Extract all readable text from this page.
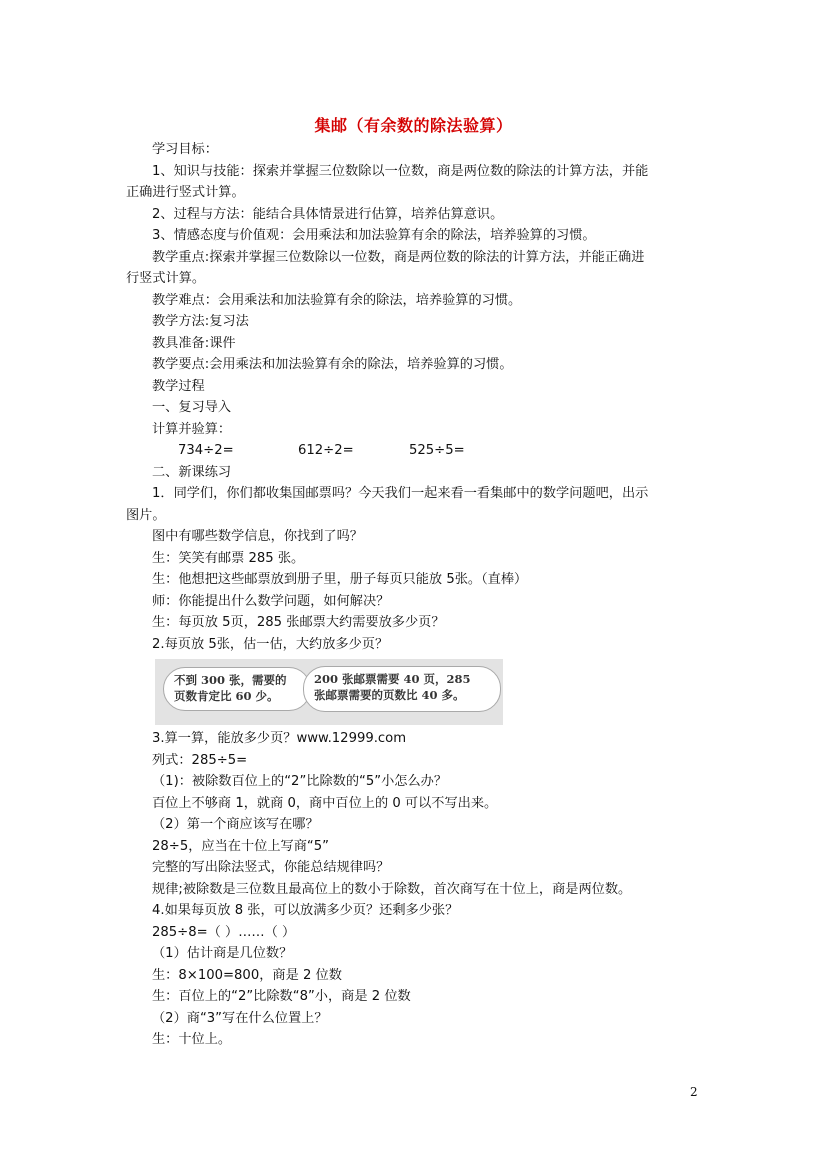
集邮（有余数的除法验算）

学习目标：

1、知识与技能：探索并掌握三位数除以一位数，商是两位数的除法的计算方法，并能

正确进行竖式计算。

2、过程与方法：能结合具体情景进行估算，培养估算意识。

3、情感态度与价值观：会用乘法和加法验算有余的除法，培养验算的习惯。

教学重点:探索并掌握三位数除以一位数，商是两位数的除法的计算方法，并能正确进

行竖式计算。

教学难点：会用乘法和加法验算有余的除法，培养验算的习惯。

教学方法:复习法

教具准备:课件

教学要点:会用乘法和加法验算有余的除法，培养验算的习惯。

教学过程

一、复习导入

计算并验算：

734÷2=	612÷2=	525÷5=

二、新课练习

1．同学们，你们都收集国邮票吗？今天我们一起来看一看集邮中的数学问题吧，出示

图片。

图中有哪些数学信息，你找到了吗？

生：笑笑有邮票 285 张。

生：他想把这些邮票放到册子里，册子每页只能放 5张。（直棒）

师：你能提出什么数学问题，如何解决？

生：每页放 5页，285 张邮票大约需要放多少页？

2.每页放 5张，估一估，大约放多少页？

不到 300 张，需要的
页数肯定比 60 少。
200 张邮票需要 40 页，285
张邮票需要的页数比 40 多。

3.算一算，能放多少页？www.12999.com

列式：285÷5=

（1)：被除数百位上的“2”比除数的“5”小怎么办？

百位上不够商 1，就商 0，商中百位上的 0 可以不写出来。

（2）第一个商应该写在哪？

28÷5，应当在十位上写商“5”

完整的写出除法竖式，你能总结规律吗？

规律;被除数是三位数且最高位上的数小于除数，首次商写在十位上，商是两位数。

4.如果每页放 8 张，可以放满多少页？还剩多少张？

285÷8=（ ）……（ ）

（1）估计商是几位数？

生：8×100=800，商是 2 位数

生：百位上的“2”比除数“8”小，商是 2 位数

（2）商“3”写在什么位置上？

生：十位上。

2
